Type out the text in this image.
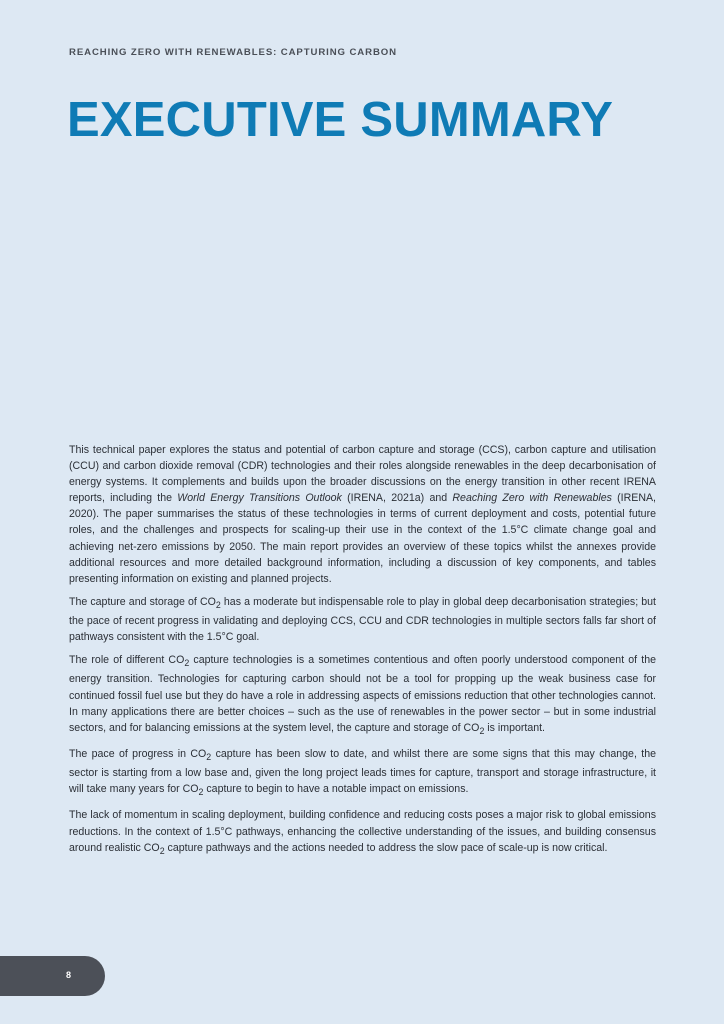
REACHING ZERO WITH RENEWABLES: CAPTURING CARBON
EXECUTIVE SUMMARY

This technical paper explores the status and potential of carbon capture and storage (CCS), carbon capture and utilisation (CCU) and carbon dioxide removal (CDR) technologies and their roles alongside renewables in the deep decarbonisation of energy systems. It complements and builds upon the broader discussions on the energy transition in other recent IRENA reports, including the World Energy Transitions Outlook (IRENA, 2021a) and Reaching Zero with Renewables (IRENA, 2020). The paper summarises the status of these technologies in terms of current deployment and costs, potential future roles, and the challenges and prospects for scaling-up their use in the context of the 1.5°C climate change goal and achieving net-zero emissions by 2050. The main report provides an overview of these topics whilst the annexes provide additional resources and more detailed background information, including a discussion of key components, and tables presenting information on existing and planned projects.

The capture and storage of $CO_2$ has a moderate but indispensable role to play in global deep decarbonisation strategies; but the pace of recent progress in validating and deploying CCS, CCU and CDR technologies in multiple sectors falls far short of pathways consistent with the 1.5°C goal.

The role of different $CO_2$ capture technologies is a sometimes contentious and often poorly understood component of the energy transition. Technologies for capturing carbon should not be a tool for propping up the weak business case for continued fossil fuel use but they do have a role in addressing aspects of emissions reduction that other technologies cannot. In many applications there are better choices – such as the use of renewables in the power sector – but in some industrial sectors, and for balancing emissions at the system level, the capture and storage of $CO_2$ is important.

The pace of progress in $CO_2$ capture has been slow to date, and whilst there are some signs that this may change, the sector is starting from a low base and, given the long project leads times for capture, transport and storage infrastructure, it will take many years for $CO_2$ capture to begin to have a notable impact on emissions.

The lack of momentum in scaling deployment, building confidence and reducing costs poses a major risk to global emissions reductions. In the context of 1.5°C pathways, enhancing the collective understanding of the issues, and building consensus around realistic $CO_2$ capture pathways and the actions needed to address the slow pace of scale-up is now critical.

8
